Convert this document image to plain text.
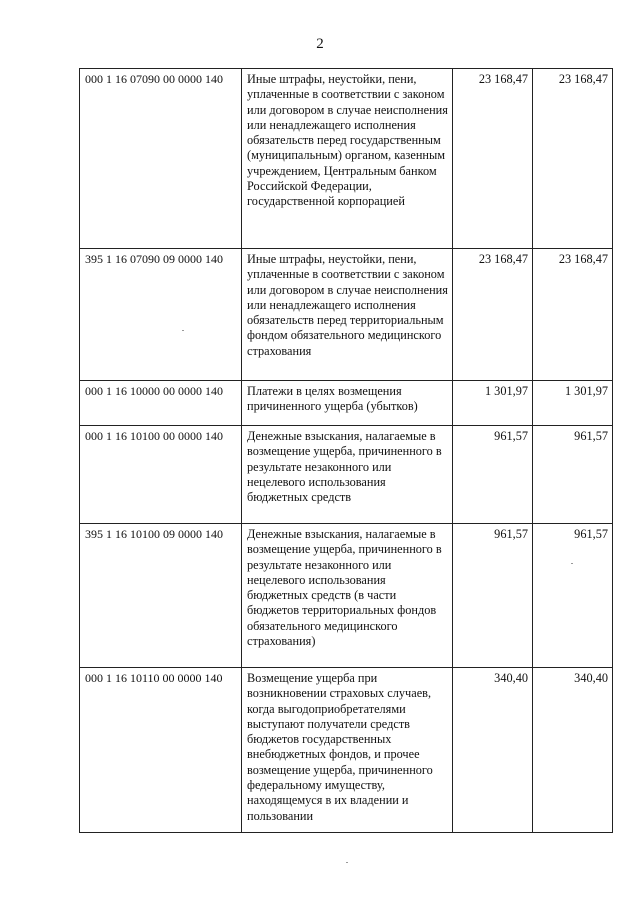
2
000 1 16 07090 00 0000 140	Иные штрафы, неустойки, пени, уплаченные в соответствии с законом или договором в случае неисполнения или ненадлежащего исполнения обязательств перед государственным (муниципальным) органом, казенным учреждением, Центральным банком Российской Федерации, государственной корпорацией	23 168,47	23 168,47
395 1 16 07090 09 0000 140	Иные штрафы, неустойки, пени, уплаченные в соответствии с законом или договором в случае неисполнения или ненадлежащего исполнения обязательств перед территориальным фондом обязательного медицинского страхования	23 168,47	23 168,47
000 1 16 10000 00 0000 140	Платежи в целях возмещения причиненного ущерба (убытков)	1 301,97	1 301,97
000 1 16 10100 00 0000 140	Денежные взыскания, налагаемые в возмещение ущерба, причиненного в результате незаконного или нецелевого использования бюджетных средств	961,57	961,57
395 1 16 10100 09 0000 140	Денежные взыскания, налагаемые в возмещение ущерба, причиненного в результате незаконного или нецелевого использования бюджетных средств (в части бюджетов территориальных фондов обязательного медицинского страхования)	961,57	961,57
000 1 16 10110 00 0000 140	Возмещение ущерба при возникновении страховых случаев, когда выгодоприобретателями выступают получатели средств бюджетов государственных внебюджетных фондов, и прочее возмещение ущерба, причиненного федеральному имуществу, находящемуся в их владении и пользовании	340,40	340,40
